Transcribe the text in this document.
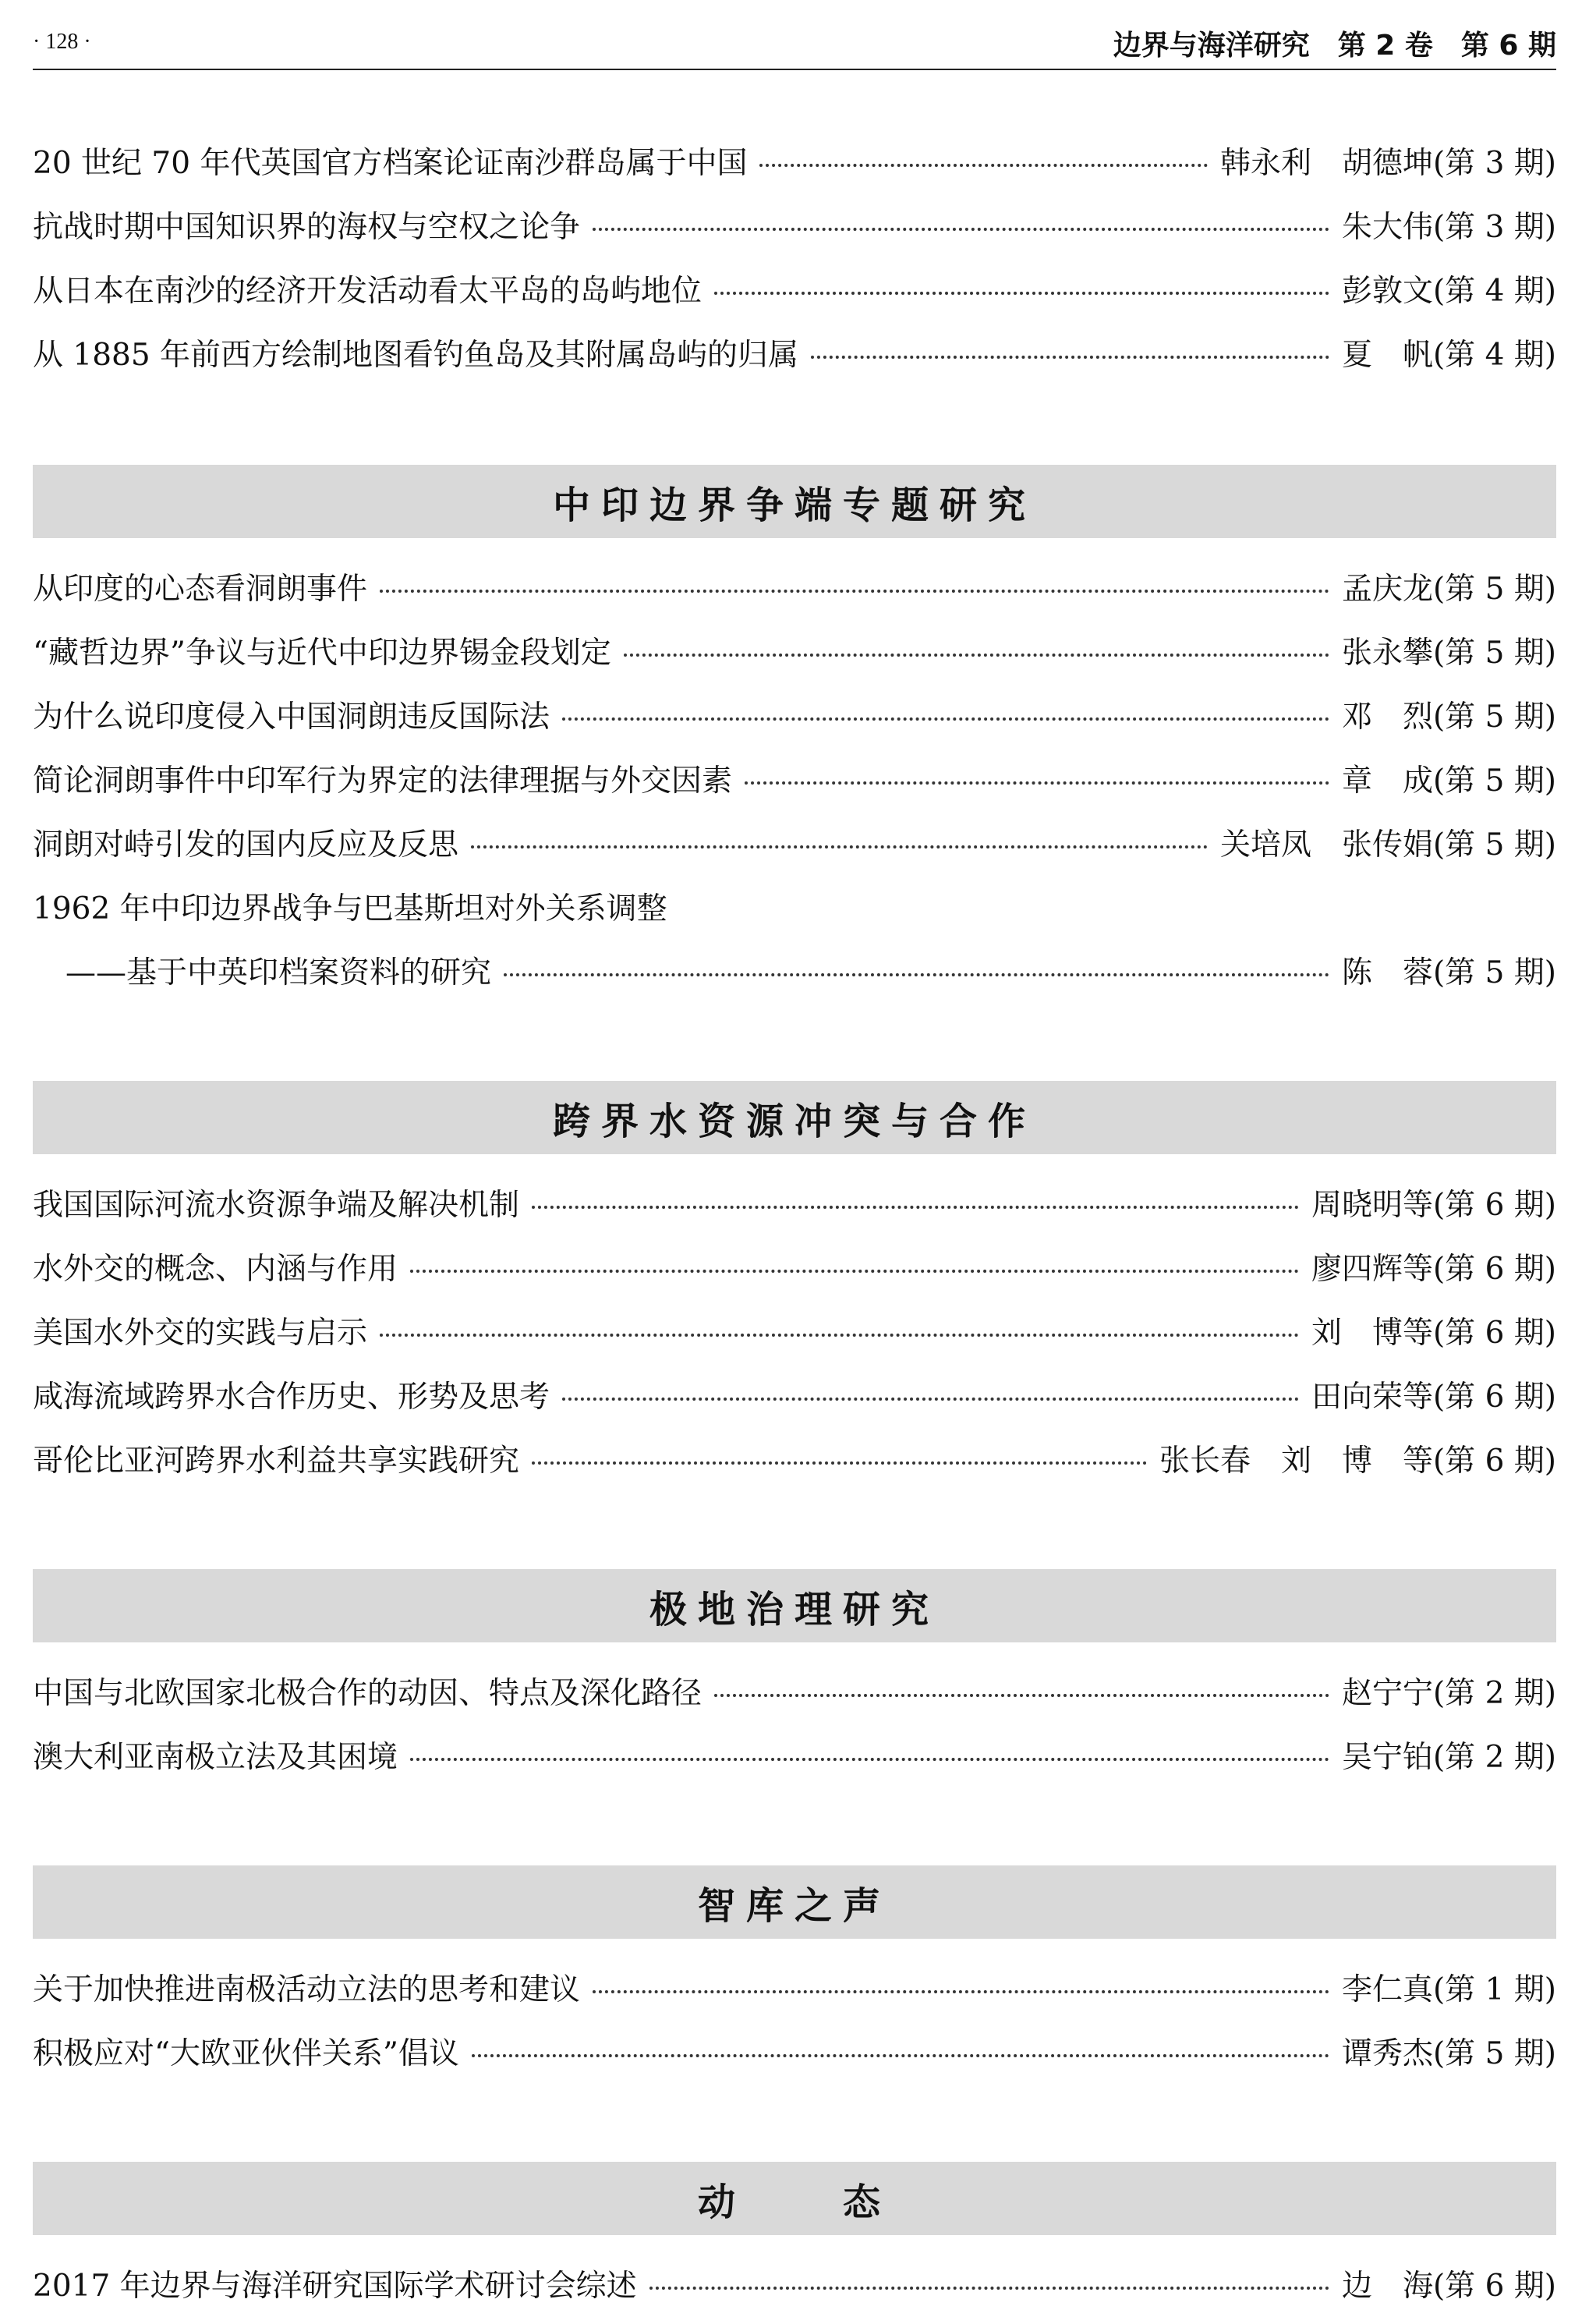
· 128 ·	边界与海洋研究　第 2 卷　第 6 期
20 世纪 70 年代英国官方档案论证南沙群岛属于中国	韩永利　胡德坤 (第 3 期)
抗战时期中国知识界的海权与空权之论争	朱大伟 (第 3 期)
从日本在南沙的经济开发活动看太平岛的岛屿地位	彭敦文 (第 4 期)
从 1885 年前西方绘制地图看钓鱼岛及其附属岛屿的归属	夏　帆 (第 4 期)
中印边界争端专题研究
从印度的心态看洞朗事件	孟庆龙 (第 5 期)
“藏哲边界”争议与近代中印边界锡金段划定	张永攀 (第 5 期)
为什么说印度侵入中国洞朗违反国际法	邓　烈 (第 5 期)
简论洞朗事件中印军行为界定的法律理据与外交因素	章　成 (第 5 期)
洞朗对峙引发的国内反应及反思	关培凤　张传娟 (第 5 期)
1962 年中印边界战争与巴基斯坦对外关系调整
——基于中英印档案资料的研究	陈　蓉 (第 5 期)
跨界水资源冲突与合作
我国国际河流水资源争端及解决机制	周晓明等 (第 6 期)
水外交的概念、内涵与作用	廖四辉等 (第 6 期)
美国水外交的实践与启示	刘　博等 (第 6 期)
咸海流域跨界水合作历史、形势及思考	田向荣等 (第 6 期)
哥伦比亚河跨界水利益共享实践研究	张长春　刘　博　等 (第 6 期)
极地治理研究
中国与北欧国家北极合作的动因、特点及深化路径	赵宁宁 (第 2 期)
澳大利亚南极立法及其困境	吴宁铂 (第 2 期)
智库之声
关于加快推进南极活动立法的思考和建议	李仁真 (第 1 期)
积极应对“大欧亚伙伴关系”倡议	谭秀杰 (第 5 期)
动　　态
2017 年边界与海洋研究国际学术研讨会综述	边　海 (第 6 期)
